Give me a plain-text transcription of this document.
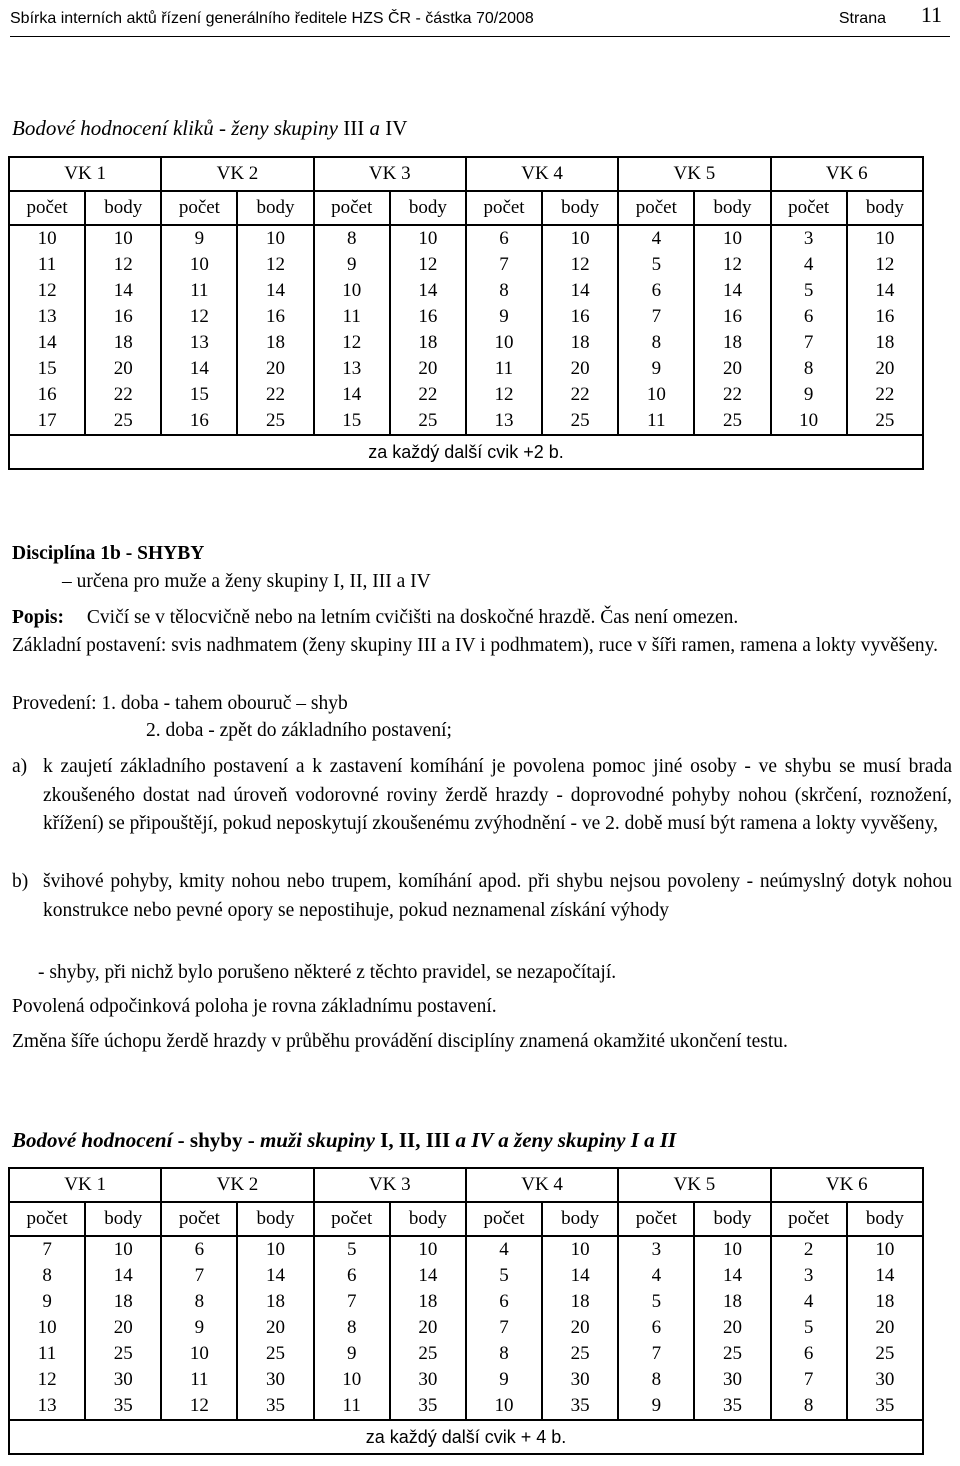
Sbírka interních aktů řízení generálního ředitele HZS ČR - částka 70/2008	Strana 11
Bodové hodnocení kliků - ženy skupiny III a IV
VK 1		VK 2		VK 3		VK 4		VK 5		VK 6	
počet	body	počet	body	počet	body	počet	body	počet	body	počet	body
10	10	9	10	8	10	6	10	4	10	3	10
11	12	10	12	9	12	7	12	5	12	4	12
12	14	11	14	10	14	8	14	6	14	5	14
13	16	12	16	11	16	9	16	7	16	6	16
14	18	13	18	12	18	10	18	8	18	7	18
15	20	14	20	13	20	11	20	9	20	8	20
16	22	15	22	14	22	12	22	10	22	9	22
17	25	16	25	15	25	13	25	11	25	10	25
za každý další cvik +2 b.											
Disciplína 1b - SHYBY
– určena pro muže a ženy skupiny I, II, III a IV
Popis: Cvičí se v tělocvičně nebo na letním cvičišti na doskočné hrazdě. Čas není omezen.
Základní postavení: svis nadhmatem (ženy skupiny III a IV i podhmatem), ruce v šíři ramen, ramena a lokty vyvěšeny.
Provedení: 1. doba - tahem obouruč – shyb
2. doba - zpět do základního postavení;
a) k zaujetí základního postavení a k zastavení komíhání je povolena pomoc jiné osoby - ve shybu se musí brada zkoušeného dostat nad úroveň vodorovné roviny žerdě hrazdy - doprovodné pohyby nohou (skrčení, roznožení, křížení) se připouštějí, pokud neposkytují zkoušenému zvýhodnění - ve 2. době musí být ramena a lokty vyvěšeny,
b) švihové pohyby, kmity nohou nebo trupem, komíhání apod. při shybu nejsou povoleny - neúmyslný dotyk nohou konstrukce nebo pevné opory se nepostihuje, pokud neznamenal získání výhody
- shyby, při nichž bylo porušeno některé z těchto pravidel, se nezapočítají.
Povolená odpočinková poloha je rovna základnímu postavení.
Změna šíře úchopu žerdě hrazdy v průběhu provádění disciplíny znamená okamžité ukončení testu.
Bodové hodnocení - shyby - muži skupiny I, II, III a IV a ženy skupiny I a II
VK 1		VK 2		VK 3		VK 4		VK 5		VK 6	
počet	body	počet	body	počet	body	počet	body	počet	body	počet	body
7	10	6	10	5	10	4	10	3	10	2	10
8	14	7	14	6	14	5	14	4	14	3	14
9	18	8	18	7	18	6	18	5	18	4	18
10	20	9	20	8	20	7	20	6	20	5	20
11	25	10	25	9	25	8	25	7	25	6	25
12	30	11	30	10	30	9	30	8	30	7	30
13	35	12	35	11	35	10	35	9	35	8	35
za každý další cvik + 4 b.											
